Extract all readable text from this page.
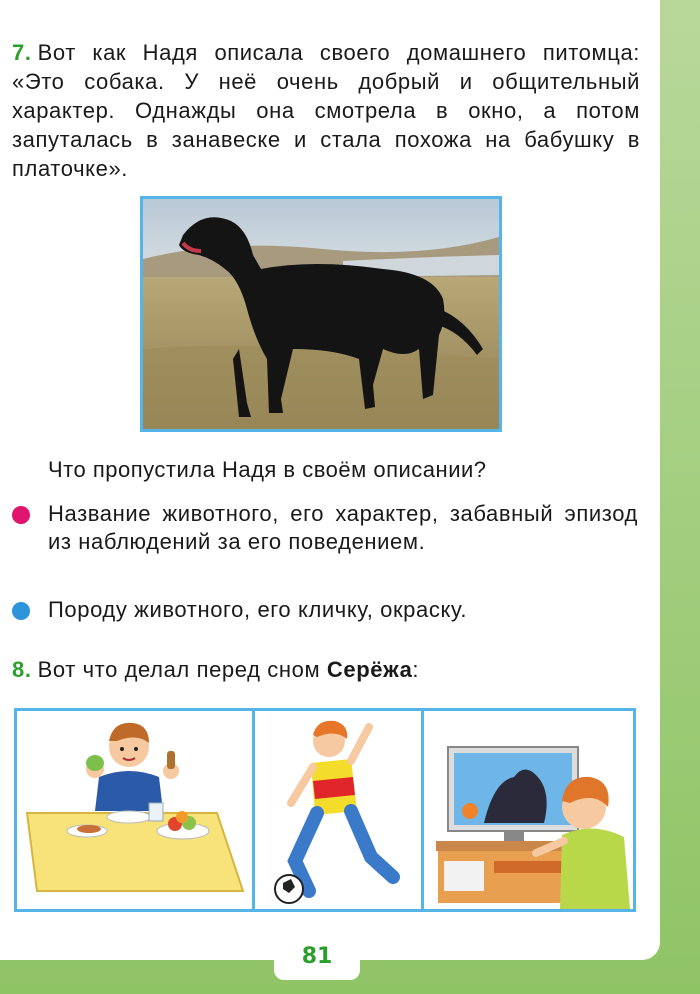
7. Вот как Надя описала своего домашнего питомца: «Это собака. У неё очень добрый и общительный характер. Однажды она смотрела в окно, а потом запуталась в занавеске и стала похожа на бабушку в платочке».
Что пропустила Надя в своём описании?
Название животного, его характер, забавный эпизод из наблюдений за его поведением.
Породу животного, его кличку, окраску.
8. Вот что делал перед сном Серёжа:
81
